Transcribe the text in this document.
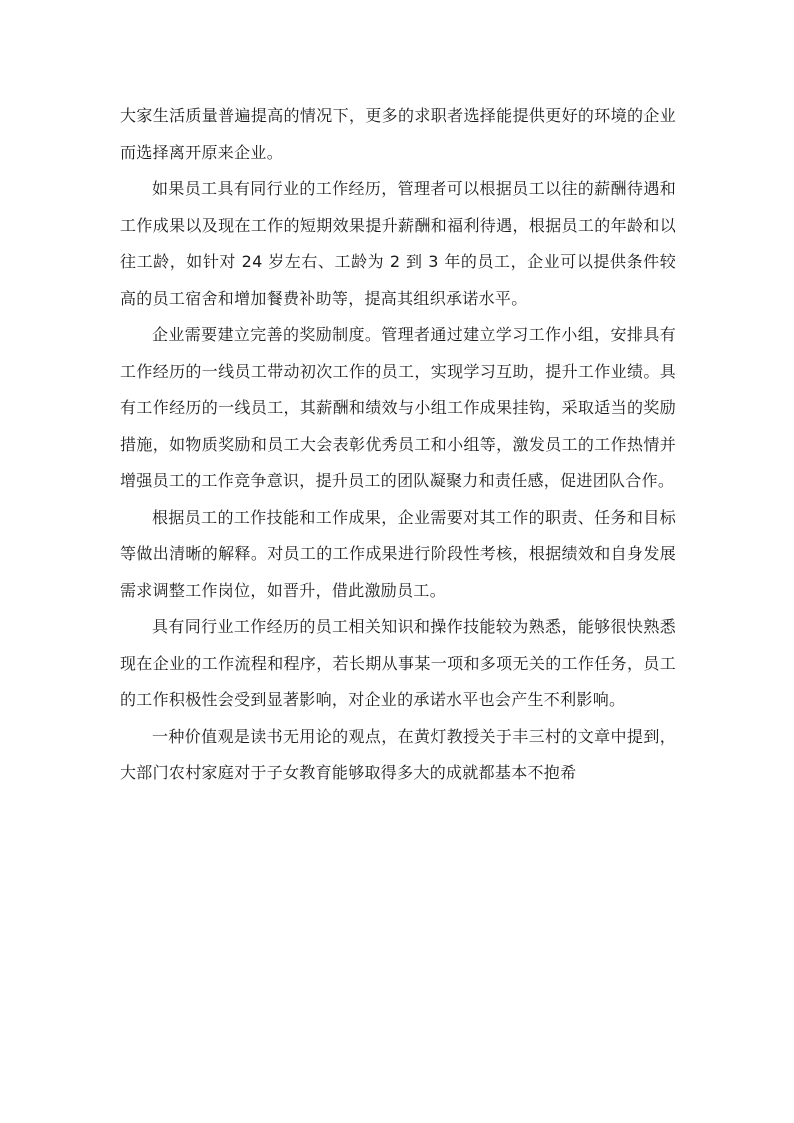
大家生活质量普遍提高的情况下，更多的求职者选择能提供更好的环境的企业而选择离开原来企业。

如果员工具有同行业的工作经历，管理者可以根据员工以往的薪酬待遇和工作成果以及现在工作的短期效果提升薪酬和福利待遇，根据员工的年龄和以往工龄，如针对 24 岁左右、工龄为 2 到 3 年的员工，企业可以提供条件较高的员工宿舍和增加餐费补助等，提高其组织承诺水平。

企业需要建立完善的奖励制度。管理者通过建立学习工作小组，安排具有工作经历的一线员工带动初次工作的员工，实现学习互助，提升工作业绩。具有工作经历的一线员工，其薪酬和绩效与小组工作成果挂钩，采取适当的奖励措施，如物质奖励和员工大会表彰优秀员工和小组等，激发员工的工作热情并增强员工的工作竞争意识，提升员工的团队凝聚力和责任感，促进团队合作。

根据员工的工作技能和工作成果，企业需要对其工作的职责、任务和目标等做出清晰的解释。对员工的工作成果进行阶段性考核，根据绩效和自身发展需求调整工作岗位，如晋升，借此激励员工。

具有同行业工作经历的员工相关知识和操作技能较为熟悉，能够很快熟悉现在企业的工作流程和程序，若长期从事某一项和多项无关的工作任务，员工的工作积极性会受到显著影响，对企业的承诺水平也会产生不利影响。

一种价值观是读书无用论的观点，在黄灯教授关于丰三村的文章中提到，大部门农村家庭对于子女教育能够取得多大的成就都基本不抱希
